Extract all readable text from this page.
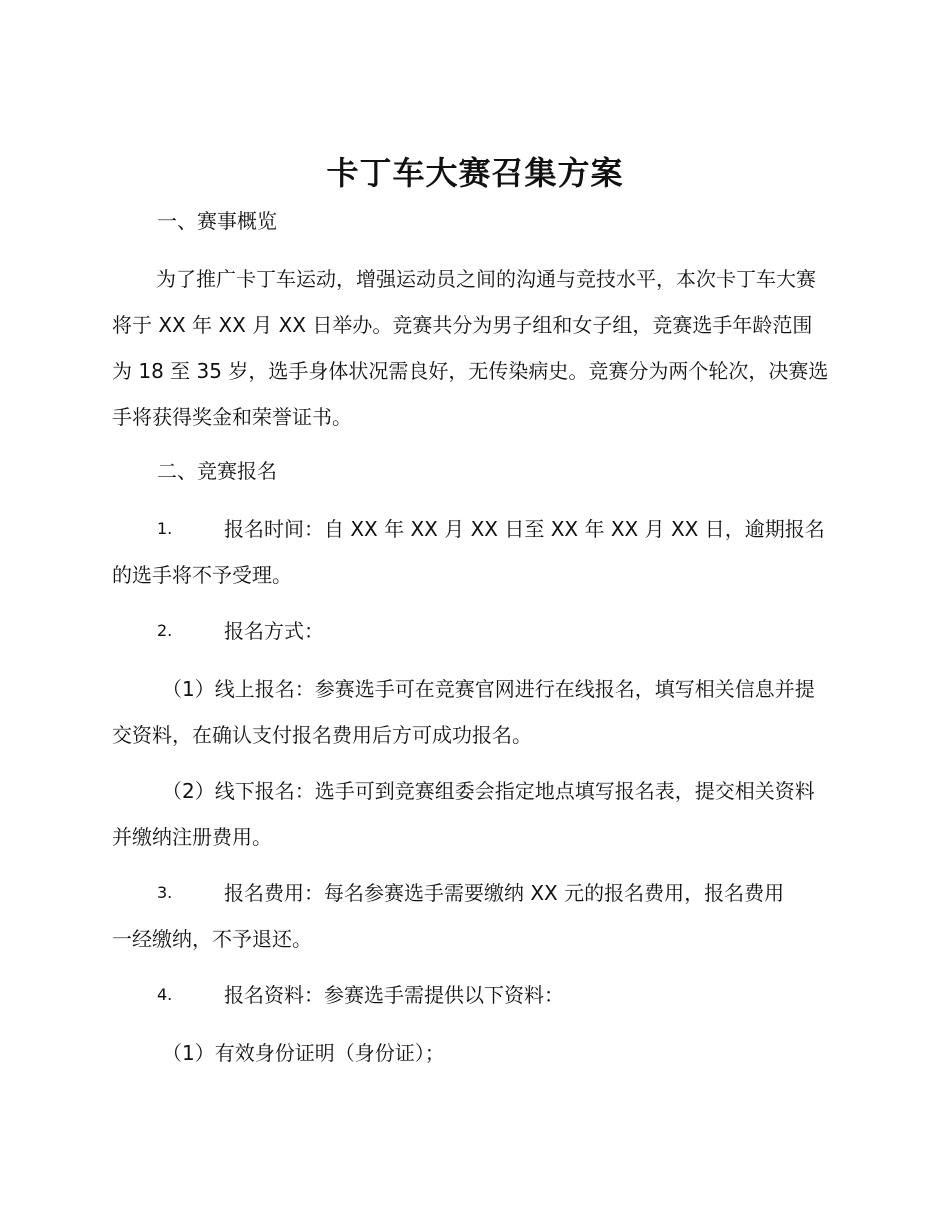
卡丁车大赛召集方案
一、赛事概览
为了推广卡丁车运动，增强运动员之间的沟通与竞技水平，本次卡丁车大赛将于 XX 年 XX 月 XX 日举办。竞赛共分为男子组和女子组，竞赛选手年龄范围为 18 至 35 岁，选手身体状况需良好，无传染病史。竞赛分为两个轮次，决赛选手将获得奖金和荣誉证书。
二、竞赛报名
1.	报名时间：自 XX 年 XX 月 XX 日至 XX 年 XX 月 XX 日，逾期报名
的选手将不予受理。
2.	报名方式：
（1）线上报名：参赛选手可在竞赛官网进行在线报名，填写相关信息并提交资料，在确认支付报名费用后方可成功报名。
（2）线下报名：选手可到竞赛组委会指定地点填写报名表，提交相关资料并缴纳注册费用。
3.	报名费用：每名参赛选手需要缴纳 XX 元的报名费用，报名费用
一经缴纳，不予退还。
4.	报名资料：参赛选手需提供以下资料：
（1）有效身份证明（身份证）；
